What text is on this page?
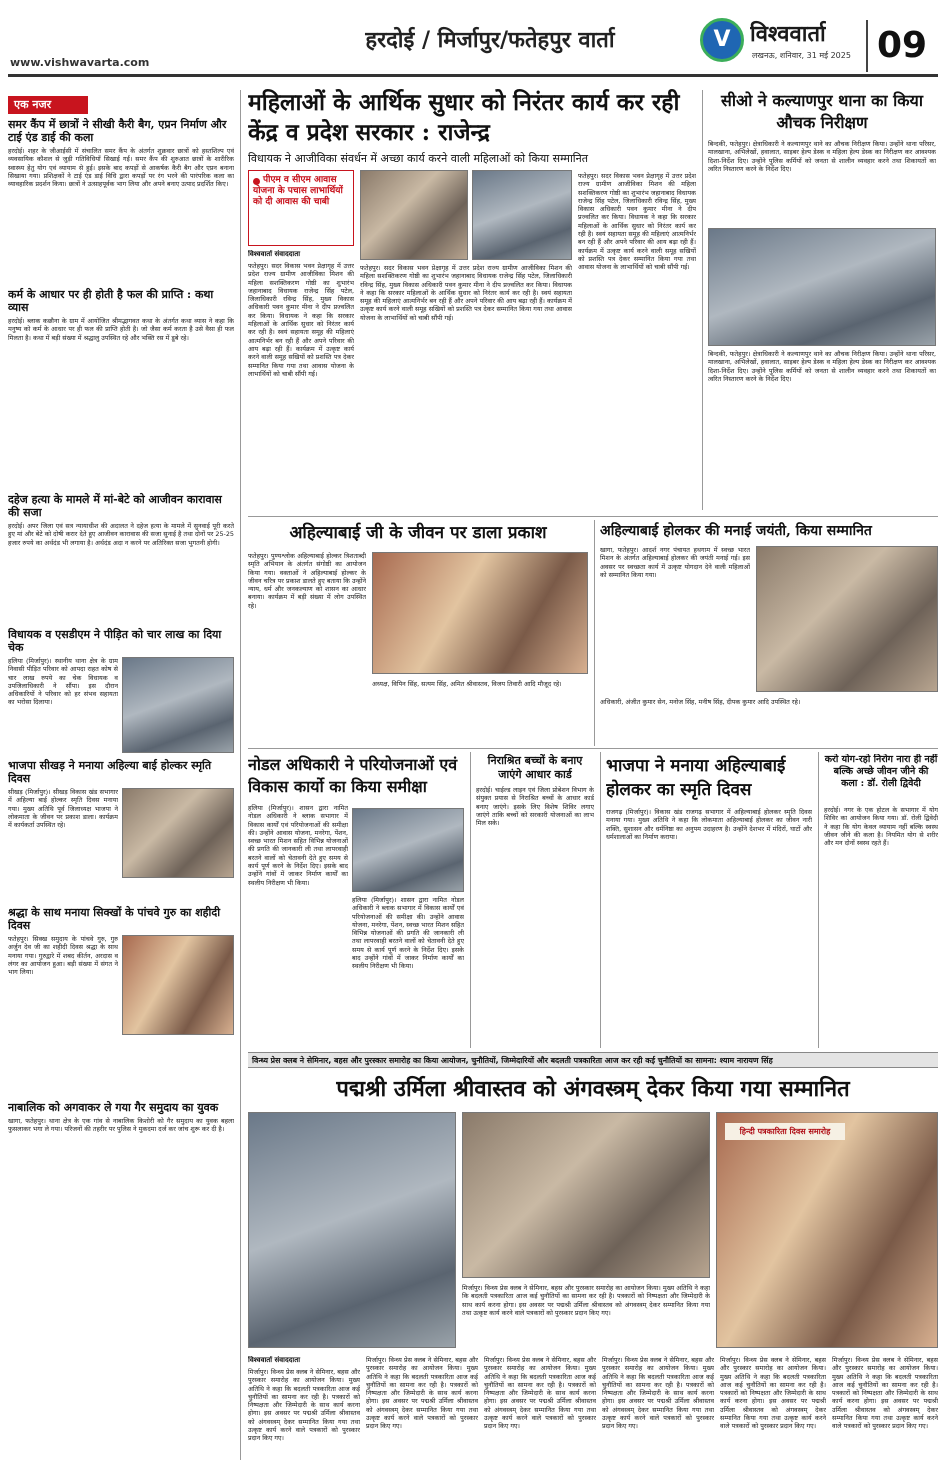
www.vishwavarta.com
हरदोई / मिर्जापुर/फतेहपुर वार्ता	V विश्ववार्ता
लखनऊ, शनिवार, 31 मई 2025 09
एक नजर
समर कैंप में छात्रों ने सीखी कैरी बैग, एप्रन निर्माण और टाई एंड डाई की कला
हरदोई। शहर के जीआईसी में संचालित समर कैंप के अंतर्गत शुक्रवार छात्रों को हस्तशिल्प एवं व्यवसायिक कौशल से जुड़ी गतिविधियाँ सिखाई गईं। समर कैंप की शुरुआत छात्रों के शारीरिक स्वास्थ्य हेतु योग एवं व्यायाम से हुई। इसके बाद कपड़ों से आकर्षक कैरी बैग और एप्रन बनाना सिखाया गया। प्रशिक्षकों ने टाई एंड डाई विधि द्वारा कपड़ों पर रंग भरने की पारंपरिक कला का व्यावहारिक प्रदर्शन किया। छात्रों ने उत्साहपूर्वक भाग लिया और अपने बनाए उत्पाद प्रदर्शित किए।
कर्म के आधार पर ही होती है फल की प्राप्ति : कथा व्यास
हरदोई। ब्लाक कछौना के ग्राम में आयोजित श्रीमद्भागवत कथा के अंतर्गत कथा व्यास ने कहा कि मनुष्य को कर्म के आधार पर ही फल की प्राप्ति होती है। जो जैसा कर्म करता है उसे वैसा ही फल मिलता है। कथा में बड़ी संख्या में श्रद्धालु उपस्थित रहे और भक्ति रस में डूबे रहे।
दहेज हत्या के मामले में मां-बेटे को आजीवन कारावास की सजा
हरदोई। अपर जिला एवं सत्र न्यायाधीश की अदालत ने दहेज हत्या के मामले में सुनवाई पूरी करते हुए मां और बेटे को दोषी करार देते हुए आजीवन कारावास की सजा सुनाई है तथा दोनों पर 25-25 हजार रुपये का अर्थदंड भी लगाया है। अर्थदंड अदा न करने पर अतिरिक्त सजा भुगतनी होगी।
विधायक व एसडीएम ने पीड़ित को चार लाख का दिया चेक
हलिया (मिर्जापुर)। स्थानीय थाना क्षेत्र के ग्राम निवासी पीड़ित परिवार को आपदा राहत कोष से चार लाख रुपये का चेक विधायक व उपजिलाधिकारी ने सौंपा। इस दौरान अधिकारियों ने परिवार को हर संभव सहायता का भरोसा दिलाया।
भाजपा सीखड़ ने मनाया अहिल्या बाई होल्कर स्मृति दिवस
सीखड़ (मिर्जापुर)। सीखड़ विकास खंड सभागार में अहिल्या बाई होल्कर स्मृति दिवस मनाया गया। मुख्य अतिथि पूर्व जिलाध्यक्ष भाजपा ने लोकमाता के जीवन पर प्रकाश डाला। कार्यक्रम में कार्यकर्ता उपस्थित रहे।
श्रद्धा के साथ मनाया सिक्खों के पांचवे गुरु का शहीदी दिवस
फतेहपुर। सिक्ख समुदाय के पांचवे गुरु, गुरु अर्जुन देव जी का शहीदी दिवस श्रद्धा के साथ मनाया गया। गुरुद्वारे में शबद कीर्तन, अरदास व लंगर का आयोजन हुआ। बड़ी संख्या में संगत ने भाग लिया।
नाबालिक को अगवाकर ले गया गैर समुदाय का युवक
खागा, फतेहपुर। थाना क्षेत्र के एक गांव से नाबालिक किशोरी को गैर समुदाय का युवक बहला फुसलाकर भगा ले गया। परिजनों की तहरीर पर पुलिस ने मुकदमा दर्ज कर जांच शुरू कर दी है।
महिलाओं के आर्थिक सुधार को निरंतर कार्य कर रही केंद्र व प्रदेश सरकार : राजेन्द्र
विधायक ने आजीविका संवर्धन में अच्छा कार्य करने वाली महिलाओं को किया सम्मानित
पीएम व सीएम आवास योजना के पचास लाभार्थियों को दी आवास की चाबी
विश्ववार्ता संवाददाता
फतेहपुर। सदर विकास भवन प्रेक्षागृह में उत्तर प्रदेश राज्य ग्रामीण आजीविका मिशन की महिला सशक्तिकरण गोष्ठी का शुभारंभ जहानाबाद विधायक राजेन्द्र सिंह पटेल, जिलाधिकारी रविन्द्र सिंह, मुख्य विकास अधिकारी पवन कुमार मीना ने दीप प्रज्वलित कर किया। विधायक ने कहा कि सरकार महिलाओं के आर्थिक सुधार को निरंतर कार्य कर रही है। स्वयं सहायता समूह की महिलाएं आत्मनिर्भर बन रही हैं और अपने परिवार की आय बढ़ा रही हैं। कार्यक्रम में उत्कृष्ट कार्य करने वाली समूह सखियों को प्रशस्ति पत्र देकर सम्मानित किया गया तथा आवास योजना के लाभार्थियों को चाबी सौंपी गई।
फतेहपुर। सदर विकास भवन प्रेक्षागृह में उत्तर प्रदेश राज्य ग्रामीण आजीविका मिशन की महिला सशक्तिकरण गोष्ठी का शुभारंभ जहानाबाद विधायक राजेन्द्र सिंह पटेल, जिलाधिकारी रविन्द्र सिंह, मुख्य विकास अधिकारी पवन कुमार मीना ने दीप प्रज्वलित कर किया। विधायक ने कहा कि सरकार महिलाओं के आर्थिक सुधार को निरंतर कार्य कर रही है। स्वयं सहायता समूह की महिलाएं आत्मनिर्भर बन रही हैं और अपने परिवार की आय बढ़ा रही हैं। कार्यक्रम में उत्कृष्ट कार्य करने वाली समूह सखियों को प्रशस्ति पत्र देकर सम्मानित किया गया तथा आवास योजना के लाभार्थियों को चाबी सौंपी गई।
फतेहपुर। सदर विकास भवन प्रेक्षागृह में उत्तर प्रदेश राज्य ग्रामीण आजीविका मिशन की महिला सशक्तिकरण गोष्ठी का शुभारंभ जहानाबाद विधायक राजेन्द्र सिंह पटेल, जिलाधिकारी रविन्द्र सिंह, मुख्य विकास अधिकारी पवन कुमार मीना ने दीप प्रज्वलित कर किया। विधायक ने कहा कि सरकार महिलाओं के आर्थिक सुधार को निरंतर कार्य कर रही है। स्वयं सहायता समूह की महिलाएं आत्मनिर्भर बन रही हैं और अपने परिवार की आय बढ़ा रही हैं। कार्यक्रम में उत्कृष्ट कार्य करने वाली समूह सखियों को प्रशस्ति पत्र देकर सम्मानित किया गया तथा आवास योजना के लाभार्थियों को चाबी सौंपी गई।
सीओ ने कल्याणपुर थाना का किया औचक निरीक्षण
बिन्दकी, फतेहपुर। क्षेत्राधिकारी ने कल्याणपुर थाने का औचक निरीक्षण किया। उन्होंने थाना परिसर, मालखाना, अभिलेखों, हवालात, साइबर हेल्प डेस्क व महिला हेल्प डेस्क का निरीक्षण कर आवश्यक दिशा-निर्देश दिए। उन्होंने पुलिस कर्मियों को जनता से शालीन व्यवहार करने तथा शिकायतों का त्वरित निस्तारण करने के निर्देश दिए।
बिन्दकी, फतेहपुर। क्षेत्राधिकारी ने कल्याणपुर थाने का औचक निरीक्षण किया। उन्होंने थाना परिसर, मालखाना, अभिलेखों, हवालात, साइबर हेल्प डेस्क व महिला हेल्प डेस्क का निरीक्षण कर आवश्यक दिशा-निर्देश दिए। उन्होंने पुलिस कर्मियों को जनता से शालीन व्यवहार करने तथा शिकायतों का त्वरित निस्तारण करने के निर्देश दिए।
अहिल्याबाई जी के जीवन पर डाला प्रकाश
फतेहपुर। पुण्यश्लोक अहिल्याबाई होल्कर त्रिशताब्दी स्मृति अभियान के अंतर्गत संगोष्ठी का आयोजन किया गया। वक्ताओं ने अहिल्याबाई होल्कर के जीवन चरित्र पर प्रकाश डालते हुए बताया कि उन्होंने न्याय, धर्म और जनकल्याण को शासन का आधार बनाया। कार्यक्रम में बड़ी संख्या में लोग उपस्थित रहे।
अध्यक्ष, विपिन सिंह, सत्यम सिंह, अमित श्रीवास्तव, विजय तिवारी आदि मौजूद रहे।
अहिल्याबाई होलकर की मनाई जयंती, किया सम्मानित
खागा, फतेहपुर। आदर्श नगर पंचायत हथगाम में स्वच्छ भारत मिशन के अंतर्गत अहिल्याबाई होलकर की जयंती मनाई गई। इस अवसर पर स्वच्छता कार्य में उत्कृष्ट योगदान देने वाली महिलाओं को सम्मानित किया गया।
अधिकारी, अंजीत कुमार सेन, मनोज सिंह, मनीष सिंह, दीपक कुमार आदि उपस्थित रहे।
नोडल अधिकारी ने परियोजनाओं एवं विकास कार्यो का किया समीक्षा
हलिया (मिर्जापुर)। शासन द्वारा नामित नोडल अधिकारी ने ब्लाक सभागार में विकास कार्यों एवं परियोजनाओं की समीक्षा की। उन्होंने आवास योजना, मनरेगा, पेंशन, स्वच्छ भारत मिशन सहित विभिन्न योजनाओं की प्रगति की जानकारी ली तथा लापरवाही बरतने वालों को चेतावनी देते हुए समय से कार्य पूर्ण करने के निर्देश दिए। इसके बाद उन्होंने गांवों में जाकर निर्माण कार्यों का स्थलीय निरीक्षण भी किया।
हलिया (मिर्जापुर)। शासन द्वारा नामित नोडल अधिकारी ने ब्लाक सभागार में विकास कार्यों एवं परियोजनाओं की समीक्षा की। उन्होंने आवास योजना, मनरेगा, पेंशन, स्वच्छ भारत मिशन सहित विभिन्न योजनाओं की प्रगति की जानकारी ली तथा लापरवाही बरतने वालों को चेतावनी देते हुए समय से कार्य पूर्ण करने के निर्देश दिए। इसके बाद उन्होंने गांवों में जाकर निर्माण कार्यों का स्थलीय निरीक्षण भी किया।
निराश्रित बच्चों के बनाए जाएंगे आधार कार्ड
हरदोई। चाईल्ड लाइन एवं जिला प्रोबेशन विभाग के संयुक्त प्रयास से निराश्रित बच्चों के आधार कार्ड बनाए जाएंगे। इसके लिए विशेष शिविर लगाए जाएंगे ताकि बच्चों को सरकारी योजनाओं का लाभ मिल सके।
भाजपा ने मनाया अहिल्याबाई होलकर का स्मृति दिवस
राजगढ़ (मिर्जापुर)। विकास खंड राजगढ़ सभागार में अहिल्याबाई होलकर स्मृति दिवस मनाया गया। मुख्य अतिथि ने कहा कि लोकमाता अहिल्याबाई होलकर का जीवन नारी शक्ति, सुशासन और धर्मनिष्ठा का अनुपम उदाहरण है। उन्होंने देशभर में मंदिरों, घाटों और धर्मशालाओं का निर्माण कराया।
करो योग-रहो निरोग नारा ही नहीं बल्कि अच्छे जीवन जीने की कला : डॉ. रोली द्विवेदी
हरदोई। नगर के एक होटल के सभागार में योग शिविर का आयोजन किया गया। डॉ. रोली द्विवेदी ने कहा कि योग केवल व्यायाम नहीं बल्कि स्वस्थ जीवन जीने की कला है। नियमित योग से शरीर और मन दोनों स्वस्थ रहते हैं।
विन्ध्य प्रेस क्लब ने सेमिनार, बहस और पुरस्कार समारोह का किया आयोजन, चुनौतियों, जिम्मेदारियों और बदलती पत्रकारिता आज कर रही कई चुनौतियों का सामना: श्याम नारायण सिंह
पद्मश्री उर्मिला श्रीवास्तव को अंगवस्त्रम् देकर किया गया सम्मानित
हिन्दी पत्रकारिता दिवस समारोह
मिर्जापुर। विन्ध्य प्रेस क्लब ने सेमिनार, बहस और पुरस्कार समारोह का आयोजन किया। मुख्य अतिथि ने कहा कि बदलती पत्रकारिता आज कई चुनौतियों का सामना कर रही है। पत्रकारों को निष्पक्षता और जिम्मेदारी के साथ कार्य करना होगा। इस अवसर पर पद्मश्री उर्मिला श्रीवास्तव को अंगवस्त्रम् देकर सम्मानित किया गया तथा उत्कृष्ट कार्य करने वाले पत्रकारों को पुरस्कार प्रदान किए गए।
विश्ववार्ता संवाददाता
मिर्जापुर। विन्ध्य प्रेस क्लब ने सेमिनार, बहस और पुरस्कार समारोह का आयोजन किया। मुख्य अतिथि ने कहा कि बदलती पत्रकारिता आज कई चुनौतियों का सामना कर रही है। पत्रकारों को निष्पक्षता और जिम्मेदारी के साथ कार्य करना होगा। इस अवसर पर पद्मश्री उर्मिला श्रीवास्तव को अंगवस्त्रम् देकर सम्मानित किया गया तथा उत्कृष्ट कार्य करने वाले पत्रकारों को पुरस्कार प्रदान किए गए।
मिर्जापुर। विन्ध्य प्रेस क्लब ने सेमिनार, बहस और पुरस्कार समारोह का आयोजन किया। मुख्य अतिथि ने कहा कि बदलती पत्रकारिता आज कई चुनौतियों का सामना कर रही है। पत्रकारों को निष्पक्षता और जिम्मेदारी के साथ कार्य करना होगा। इस अवसर पर पद्मश्री उर्मिला श्रीवास्तव को अंगवस्त्रम् देकर सम्मानित किया गया तथा उत्कृष्ट कार्य करने वाले पत्रकारों को पुरस्कार प्रदान किए गए।
मिर्जापुर। विन्ध्य प्रेस क्लब ने सेमिनार, बहस और पुरस्कार समारोह का आयोजन किया। मुख्य अतिथि ने कहा कि बदलती पत्रकारिता आज कई चुनौतियों का सामना कर रही है। पत्रकारों को निष्पक्षता और जिम्मेदारी के साथ कार्य करना होगा। इस अवसर पर पद्मश्री उर्मिला श्रीवास्तव को अंगवस्त्रम् देकर सम्मानित किया गया तथा उत्कृष्ट कार्य करने वाले पत्रकारों को पुरस्कार प्रदान किए गए।
मिर्जापुर। विन्ध्य प्रेस क्लब ने सेमिनार, बहस और पुरस्कार समारोह का आयोजन किया। मुख्य अतिथि ने कहा कि बदलती पत्रकारिता आज कई चुनौतियों का सामना कर रही है। पत्रकारों को निष्पक्षता और जिम्मेदारी के साथ कार्य करना होगा। इस अवसर पर पद्मश्री उर्मिला श्रीवास्तव को अंगवस्त्रम् देकर सम्मानित किया गया तथा उत्कृष्ट कार्य करने वाले पत्रकारों को पुरस्कार प्रदान किए गए।
मिर्जापुर। विन्ध्य प्रेस क्लब ने सेमिनार, बहस और पुरस्कार समारोह का आयोजन किया। मुख्य अतिथि ने कहा कि बदलती पत्रकारिता आज कई चुनौतियों का सामना कर रही है। पत्रकारों को निष्पक्षता और जिम्मेदारी के साथ कार्य करना होगा। इस अवसर पर पद्मश्री उर्मिला श्रीवास्तव को अंगवस्त्रम् देकर सम्मानित किया गया तथा उत्कृष्ट कार्य करने वाले पत्रकारों को पुरस्कार प्रदान किए गए।
मिर्जापुर। विन्ध्य प्रेस क्लब ने सेमिनार, बहस और पुरस्कार समारोह का आयोजन किया। मुख्य अतिथि ने कहा कि बदलती पत्रकारिता आज कई चुनौतियों का सामना कर रही है। पत्रकारों को निष्पक्षता और जिम्मेदारी के साथ कार्य करना होगा। इस अवसर पर पद्मश्री उर्मिला श्रीवास्तव को अंगवस्त्रम् देकर सम्मानित किया गया तथा उत्कृष्ट कार्य करने वाले पत्रकारों को पुरस्कार प्रदान किए गए।
